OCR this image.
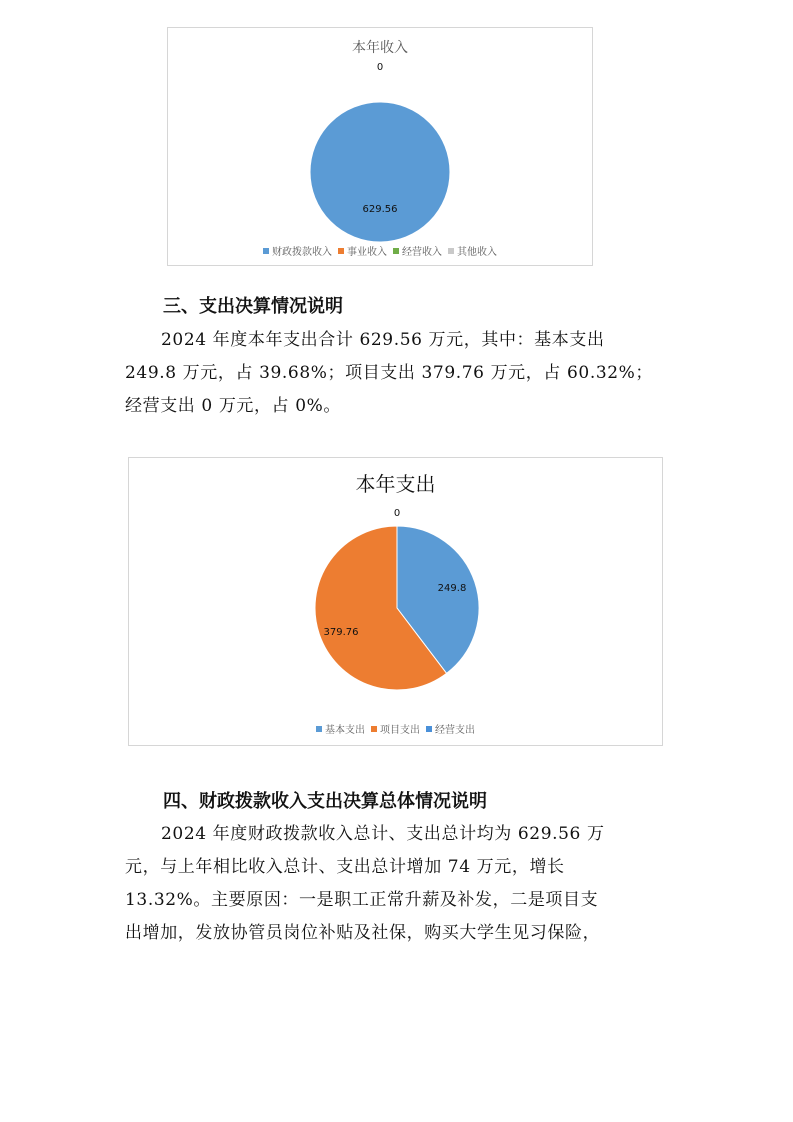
本年收入
629.56
0
财政拨款收入 事业收入 经营收入 其他收入
三、支出决算情况说明
2024 年度本年支出合计 629.56 万元，其中：基本支出
249.8 万元，占 39.68%；项目支出 379.76 万元，占 60.32%；
经营支出 0 万元，占 0%。
本年支出
249.8
379.76
0
基本支出 项目支出 经营支出
四、财政拨款收入支出决算总体情况说明
2024 年度财政拨款收入总计、支出总计均为 629.56 万
元，与上年相比收入总计、支出总计增加 74 万元，增长
13.32%。主要原因：一是职工正常升薪及补发，二是项目支
出增加，发放协管员岗位补贴及社保，购买大学生见习保险，
